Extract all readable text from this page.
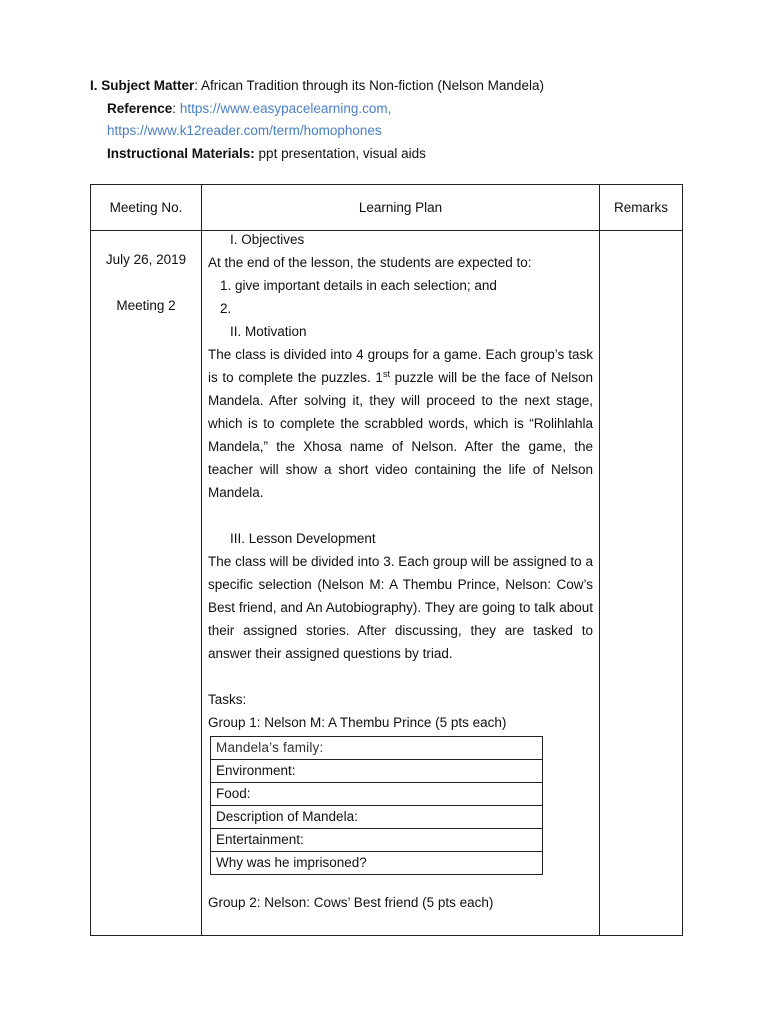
I. Subject Matter: African Tradition through its Non-fiction (Nelson Mandela)
Reference: https://www.easypacelearning.com,
https://www.k12reader.com/term/homophones
Instructional Materials: ppt presentation, visual aids
Meeting No.	Learning Plan	Remarks

July 26, 2019
Meeting 2

I. Objectives

At the end of the lesson, the students are expected to:

1. give important details in each selection; and
2.
II. Motivation

The class is divided into 4 groups for a game. Each group’s task is to complete the puzzles. 1st puzzle will be the face of Nelson Mandela. After solving it, they will proceed to the next stage, which is to complete the scrabbled words, which is “Rolihlahla Mandela,” the Xhosa name of Nelson. After the game, the teacher will show a short video containing the life of Nelson Mandela.

III. Lesson Development

The class will be divided into 3. Each group will be assigned to a specific selection (Nelson M: A Thembu Prince, Nelson: Cow’s Best friend, and An Autobiography). They are going to talk about their assigned stories. After discussing, they are tasked to answer their assigned questions by triad.

Tasks:
Group 1: Nelson M: A Thembu Prince (5 pts each)
Mandela’s family:
Environment:
Food:
Description of Mandela:
Entertainment:
Why was he imprisoned?
Group 2: Nelson: Cows’ Best friend (5 pts each)
